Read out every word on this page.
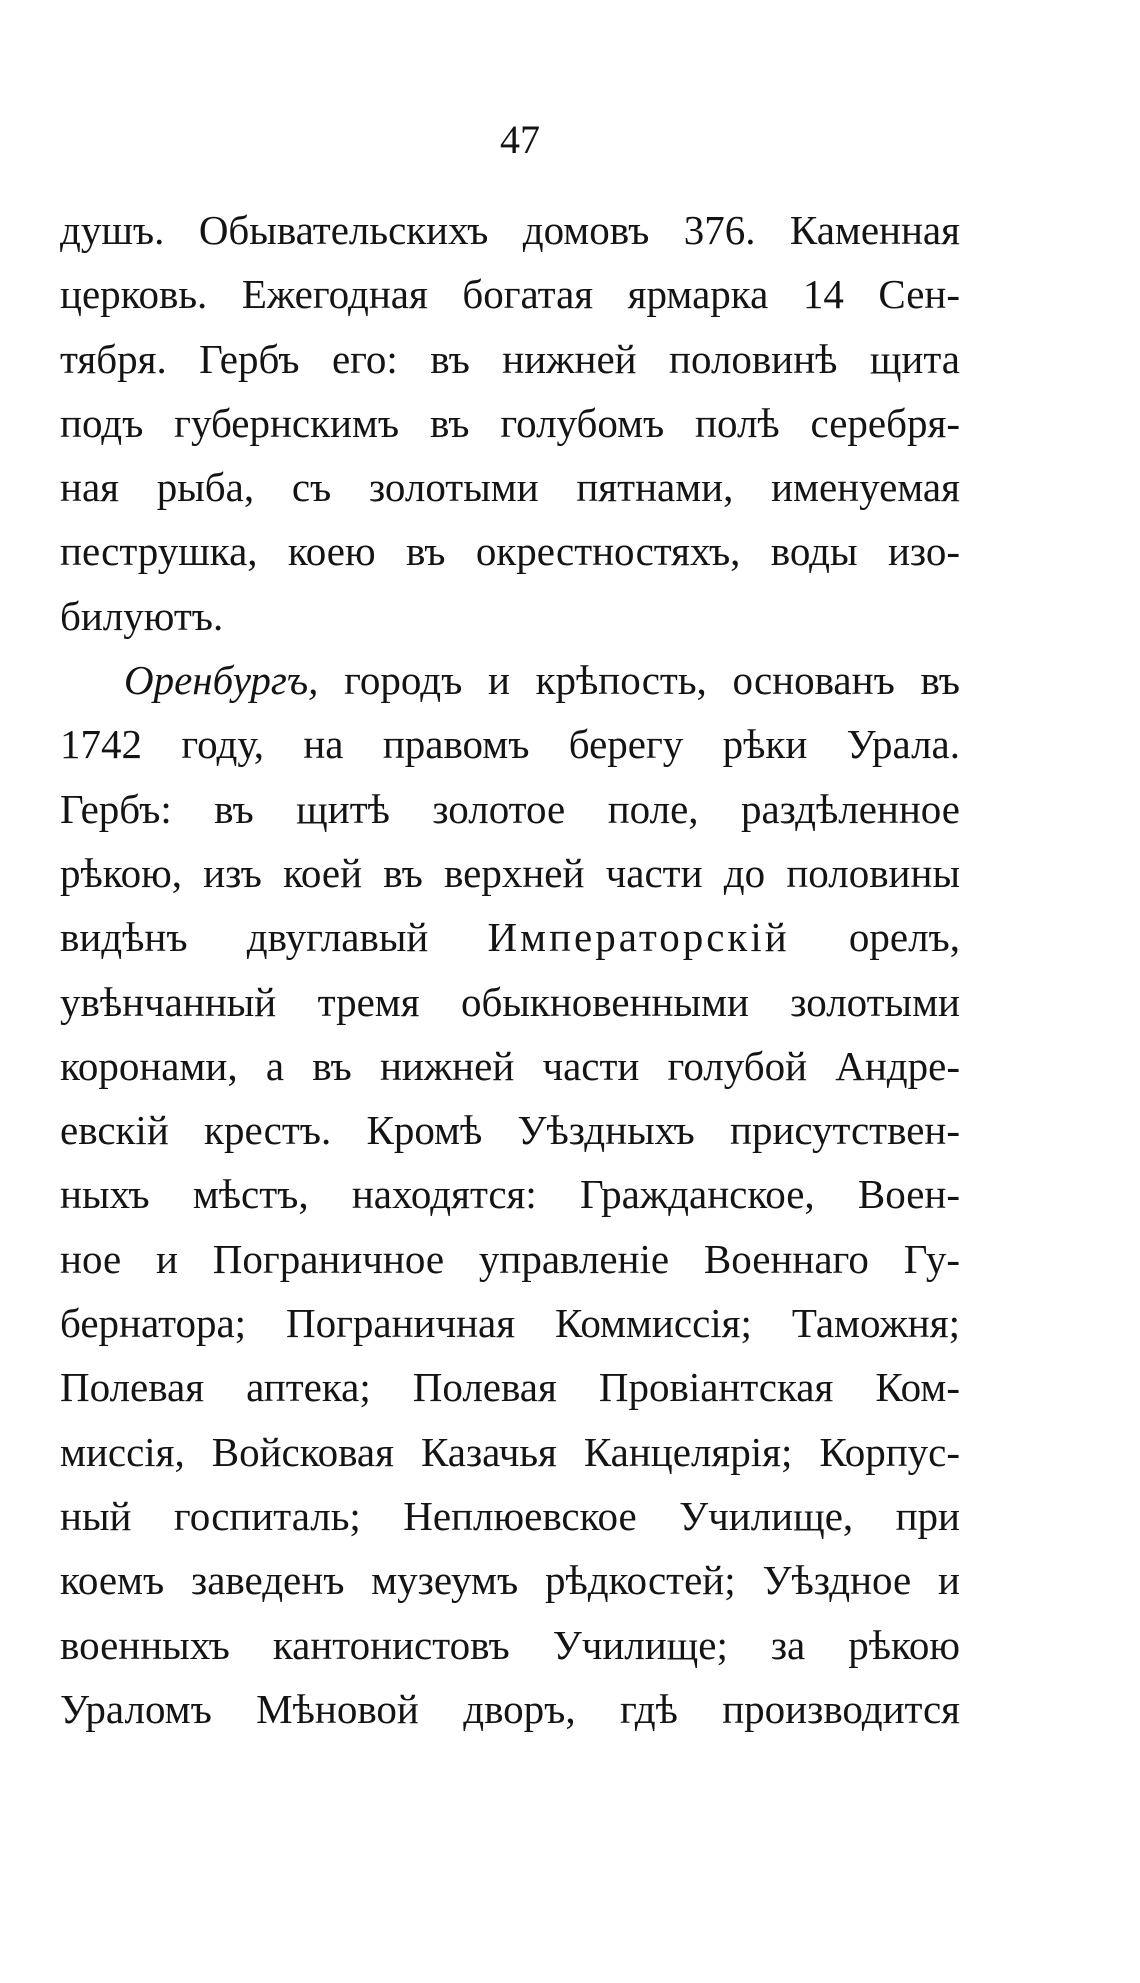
47
душъ. Обывательскихъ домовъ 376. Каменная
церковь. Ежегодная богатая ярмарка 14 Сен-
тября. Гербъ его: въ нижней половинѣ щита
подъ губернскимъ въ голубомъ полѣ серебря-
ная рыба, съ золотыми пятнами, именуемая
пеструшка, коею въ окрестностяхъ, воды изо-
билуютъ.
Оренбургъ, городъ и крѣпость, основанъ въ
1742 году, на правомъ берегу рѣки Урала.
Гербъ: въ щитѣ золотое поле, раздѣленное
рѣкою, изъ коей въ верхней части до половины
видѣнъ двуглавый Императорскій орелъ,
увѣнчанный тремя обыкновенными золотыми
коронами, а въ нижней части голубой Андре-
евскій крестъ. Кромѣ Уѣздныхъ присутствен-
ныхъ мѣстъ, находятся: Гражданское, Воен-
ное и Пограничное управленіе Военнаго Гу-
бернатора; Пограничная Коммиссія; Таможня;
Полевая аптека; Полевая Провіантская Ком-
миссія, Войсковая Казачья Канцелярія; Корпус-
ный госпиталь; Неплюевское Училище, при
коемъ заведенъ музеумъ рѣдкостей; Уѣздное и
военныхъ кантонистовъ Училище; за рѣкою
Ураломъ Мѣновой дворъ, гдѣ производится
